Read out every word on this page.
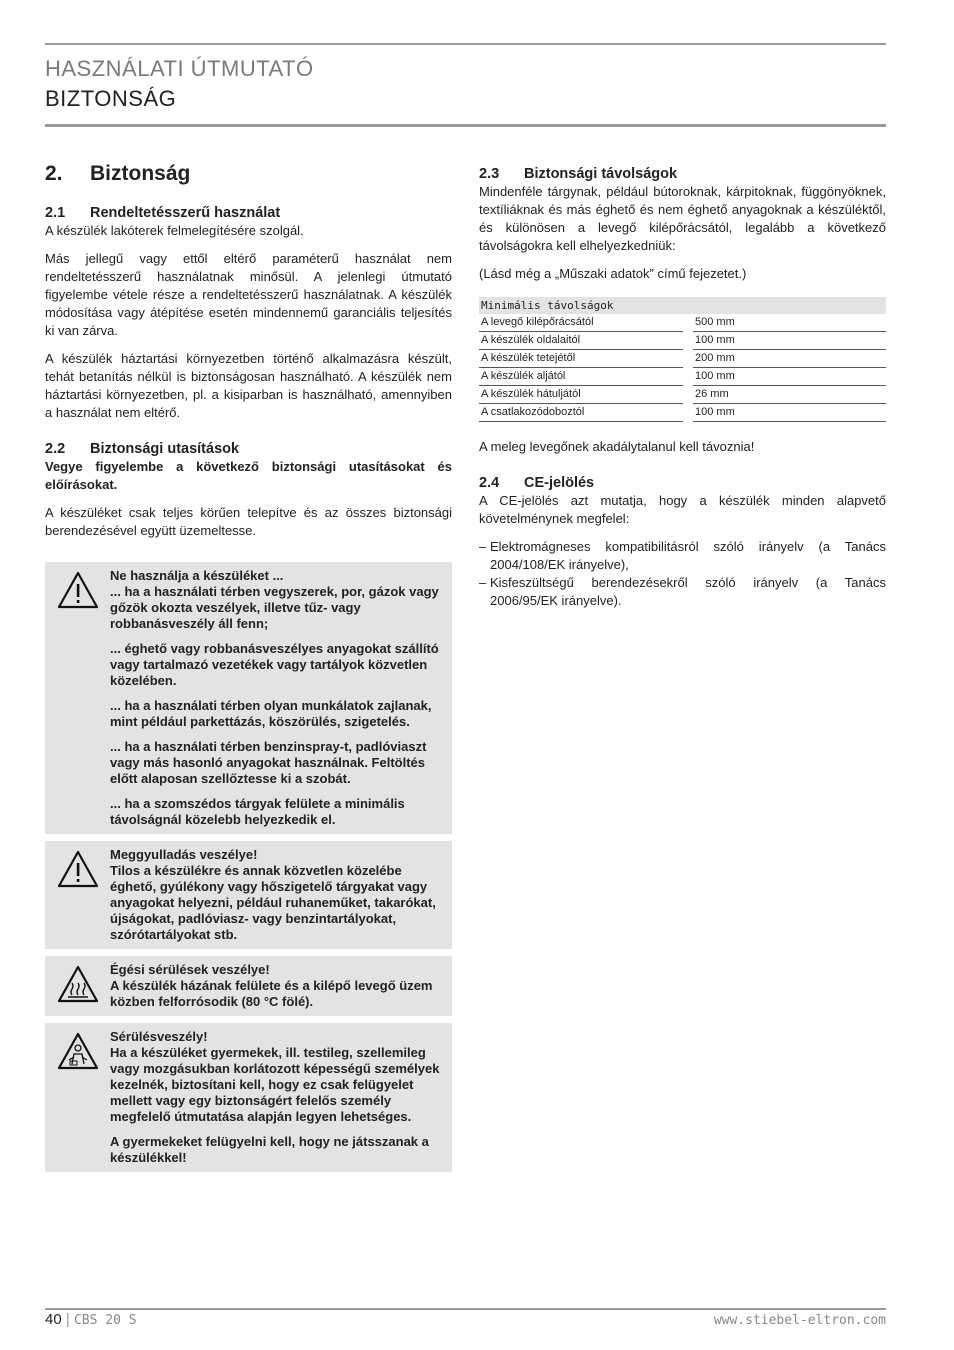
HASZNÁLATI ÚTMUTATÓ
BIZTONSÁG
2.	Biztonság
2.1	Rendeltetésszerű használat

A készülék lakóterek felmelegítésére szolgál.

Más jellegű vagy ettől eltérő paraméterű használat nem rendeltetésszerű használatnak minősül. A jelenlegi útmutató figyelembe vétele része a rendeltetésszerű használatnak. A készülék módosítása vagy átépítése esetén mindennemű garanciális teljesítés ki van zárva.

A készülék háztartási környezetben történő alkalmazásra készült, tehát betanítás nélkül is biztonságosan használható. A készülék nem háztartási környezetben, pl. a kisiparban is használható, amennyiben a használat nem eltérő.

2.2	Biztonsági utasítások

Vegye figyelembe a következő biztonsági utasításokat és előírásokat.

A készüléket csak teljes körűen telepítve és az összes biztonsági berendezésével együtt üzemeltesse.

Ne használja a készüléket ...
... ha a használati térben vegyszerek, por, gázok vagy gőzök okozta veszélyek, illetve tűz- vagy robbanásveszély áll fenn;
... éghető vagy robbanásveszélyes anyagokat szállító vagy tartalmazó vezetékek vagy tartályok közvetlen közelében.
... ha a használati térben olyan munkálatok zajlanak, mint például parkettázás, köszörülés, szigetelés.
... ha a használati térben benzinspray-t, padlóviaszt vagy más hasonló anyagokat használnak. Feltöltés előtt alaposan szellőztesse ki a szobát.
... ha a szomszédos tárgyak felülete a minimális távolságnál közelebb helyezkedik el.
Meggyulladás veszélye!
Tilos a készülékre és annak közvetlen közelébe éghető, gyúlékony vagy hőszigetelő tárgyakat vagy anyagokat helyezni, például ruhaneműket, takarókat, újságokat, padlóviasz- vagy benzintartályokat, szórótartályokat stb.
Égési sérülések veszélye!
A készülék házának felülete és a kilépő levegő üzem közben felforrósodik (80 °C fölé).
Sérülésveszély!
Ha a készüléket gyermekek, ill. testileg, szellemileg vagy mozgásukban korlátozott képességű személyek kezelnék, biztosítani kell, hogy ez csak felügyelet mellett vagy egy biztonságért felelős személy megfelelő útmutatása alapján legyen lehetséges.
A gyermekeket felügyelni kell, hogy ne játsszanak a készülékkel!
2.3	Biztonsági távolságok

Mindenféle tárgynak, például bútoroknak, kárpitoknak, függönyöknek, textíliáknak és más éghető és nem éghető anyagoknak a készüléktől, és különösen a levegő kilépőrácsától, legalább a következő távolságokra kell elhelyezkedniük:

(Lásd még a „Műszaki adatok” című fejezetet.)

Minimális távolságok		
A levegő kilépőrácsától		500 mm
A készülék oldalaitól		100 mm
A készülék tetejétől		200 mm
A készülék aljától		100 mm
A készülék hátuljától		26 mm
A csatlakozódoboztól		100 mm

A meleg levegőnek akadálytalanul kell távoznia!

2.4	CE-jelölés

A CE-jelölés azt mutatja, hogy a készülék minden alapvető követelménynek megfelel:

– Elektromágneses kompatibilitásról szóló irányelv (a Tanács 2004/108/EK irányelve),
– Kisfeszültségű berendezésekről szóló irányelv (a Tanács 2006/95/EK irányelve).
40 | CBS 20 S	www.stiebel-eltron.com
